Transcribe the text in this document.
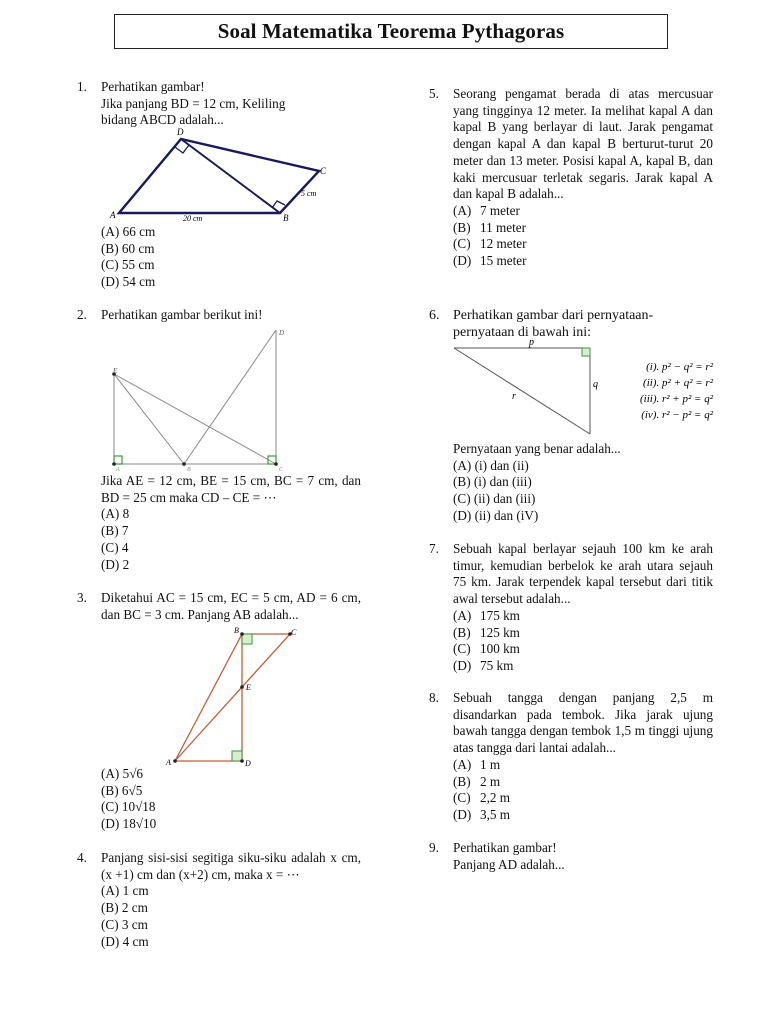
Soal Matematika Teorema Pythagoras
1. Perhatikan gambar!

Jika panjang BD = 12 cm, Keliling

bidang ABCD adalah...

D
C
A	B
20 cm
5 cm
(A) 66 cm
(B) 60 cm
(C) 55 cm
(D) 54 cm
2. Perhatikan gambar berikut ini!

E
D
A	B	C

Jika AE = 12 cm, BE = 15 cm, BC = 7 cm, dan BD = 25 cm maka CD – CE = ⋯

(A) 8
(B) 7
(C) 4
(D) 2
3. Diketahui AC = 15 cm, EC = 5 cm, AD = 6 cm, dan BC = 3 cm. Panjang AB adalah...

B	C
E
A	D
(A) 5√6
(B) 6√5
(C) 10√18
(D) 18√10
4. Panjang sisi-sisi segitiga siku-siku adalah x cm, (x +1) cm dan (x+2) cm, maka x = ⋯

(A) 1 cm
(B) 2 cm
(C) 3 cm
(D) 4 cm
5. Seorang pengamat berada di atas mercusuar yang tingginya 12 meter. Ia melihat kapal A dan kapal B yang berlayar di laut. Jarak pengamat dengan kapal A dan kapal B berturut-turut 20 meter dan 13 meter. Posisi kapal A, kapal B, dan kaki mercusuar terletak segaris. Jarak kapal A dan kapal B adalah...

(A) 7 meter
(B) 11 meter
(C) 12 meter
(D) 15 meter
6. Perhatikan gambar dari pernyataan-

pernyataan di bawah ini:

p
q
r
(i). p² − q² = r²
(ii). p² + q² = r²
(iii). r² + p² = q²
(iv). r² − p² = q²

Pernyataan yang benar adalah...

(A) (i) dan (ii)
(B) (i) dan (iii)
(C) (ii) dan (iii)
(D) (ii) dan (iV)
7. Sebuah kapal berlayar sejauh 100 km ke arah timur, kemudian berbelok ke arah utara sejauh 75 km. Jarak terpendek kapal tersebut dari titik awal tersebut adalah...

(A) 175 km
(B) 125 km
(C) 100 km
(D) 75 km
8. Sebuah tangga dengan panjang 2,5 m disandarkan pada tembok. Jika jarak ujung bawah tangga dengan tembok 1,5 m tinggi ujung atas tangga dari lantai adalah...

(A) 1 m
(B) 2 m
(C) 2,2 m
(D) 3,5 m
9. Perhatikan gambar!

Panjang AD adalah...
